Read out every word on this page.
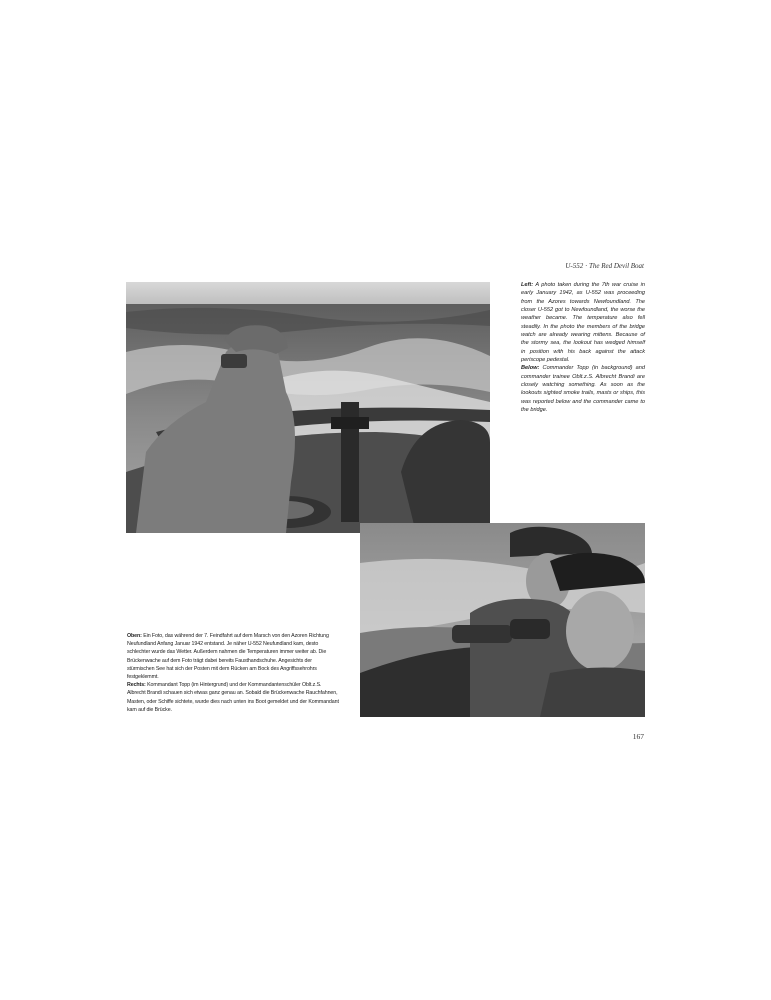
U-552 · The Red Devil Boat
Left: A photo taken during the 7th war cruise in early January 1942, as U-552 was proceeding from the Azores towards Newfoundland. The closer U-552 got to Newfoundland, the worse the weather became. The temperature also fell steadily. In the photo the members of the bridge watch are already wearing mittens. Because of the stormy sea, the lookout has wedged himself in position with his back against the attack periscope pedestal.
Below: Commander Topp (in background) and commander trainee Oblt.z.S. Albrecht Brandi are closely watching something. As soon as the lookouts sighted smoke trails, masts or ships, this was reported below and the commander came to the bridge.
Oben: Ein Foto, das während der 7. Feindfahrt auf dem Marsch von den Azoren Richtung Neufundland Anfang Januar 1942 entstand. Je näher U-552 Neufundland kam, desto schlechter wurde das Wetter. Außerdem nahmen die Temperaturen immer weiter ab. Die Brückenwache auf dem Foto trägt dabei bereits Fausthandschuhe. Angesichts der stürmischen See hat sich der Posten mit dem Rücken am Bock des Angriffssehrohrs festgeklemmt.
Rechts: Kommandant Topp (im Hintergrund) und der Kommandantenschüler Oblt.z.S. Albrecht Brandi schauen sich etwas ganz genau an. Sobald die Brückenwache Rauchfahnen, Masten, oder Schiffe sichtete, wurde dies nach unten ins Boot gemeldet und der Kommandant kam auf die Brücke.
167
